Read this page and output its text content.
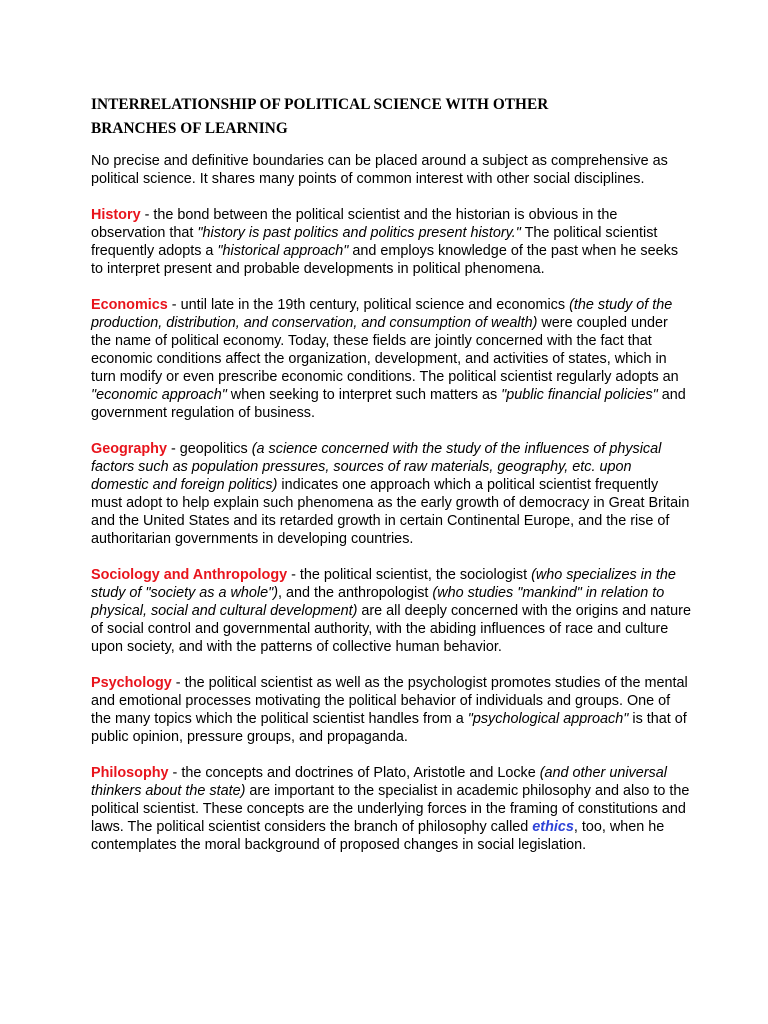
INTERRELATIONSHIP OF POLITICAL SCIENCE WITH OTHER
BRANCHES OF LEARNING

No precise and definitive boundaries can be placed around a subject as comprehensive as political science. It shares many points of common interest with other social disciplines.

History - the bond between the political scientist and the historian is obvious in the observation that "history is past politics and politics present history." The political scientist frequently adopts a "historical approach" and employs knowledge of the past when he seeks to interpret present and probable developments in political phenomena.

Economics - until late in the 19th century, political science and economics (the study of the production, distribution, and conservation, and consumption of wealth) were coupled under the name of political economy. Today, these fields are jointly concerned with the fact that economic conditions affect the organization, development, and activities of states, which in turn modify or even prescribe economic conditions. The political scientist regularly adopts an "economic approach" when seeking to interpret such matters as "public financial policies" and government regulation of business.

Geography - geopolitics (a science concerned with the study of the influences of physical factors such as population pressures, sources of raw materials, geography, etc. upon domestic and foreign politics) indicates one approach which a political scientist frequently must adopt to help explain such phenomena as the early growth of democracy in Great Britain and the United States and its retarded growth in certain Continental Europe, and the rise of authoritarian governments in developing countries.

Sociology and Anthropology - the political scientist, the sociologist (who specializes in the study of "society as a whole"), and the anthropologist (who studies "mankind" in relation to physical, social and cultural development) are all deeply concerned with the origins and nature of social control and governmental authority, with the abiding influences of race and culture upon society, and with the patterns of collective human behavior.

Psychology - the political scientist as well as the psychologist promotes studies of the mental and emotional processes motivating the political behavior of individuals and groups. One of the many topics which the political scientist handles from a "psychological approach" is that of public opinion, pressure groups, and propaganda.

Philosophy - the concepts and doctrines of Plato, Aristotle and Locke (and other universal thinkers about the state) are important to the specialist in academic philosophy and also to the political scientist. These concepts are the underlying forces in the framing of constitutions and laws. The political scientist considers the branch of philosophy called ethics, too, when he contemplates the moral background of proposed changes in social legislation.
